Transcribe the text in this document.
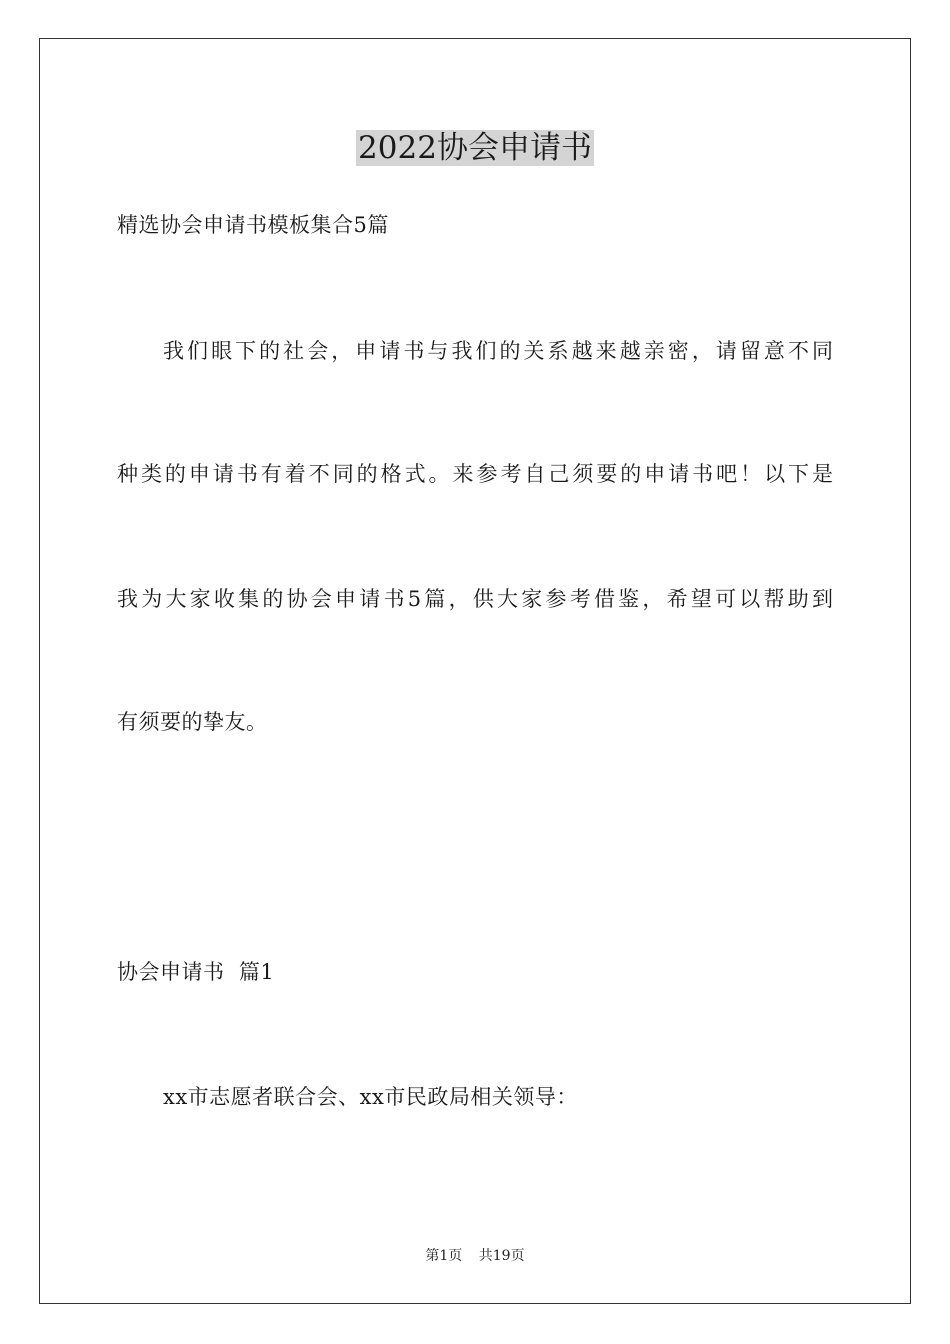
2022协会申请书

精选协会申请书模板集合5篇

我们眼下的社会，申请书与我们的关系越来越亲密，请留意不同

种类的申请书有着不同的格式。来参考自己须要的申请书吧！以下是

我为大家收集的协会申请书5篇，供大家参考借鉴，希望可以帮助到

有须要的挚友。

协会申请书  篇1

xx市志愿者联合会、xx市民政局相关领导：

第1页 共19页
